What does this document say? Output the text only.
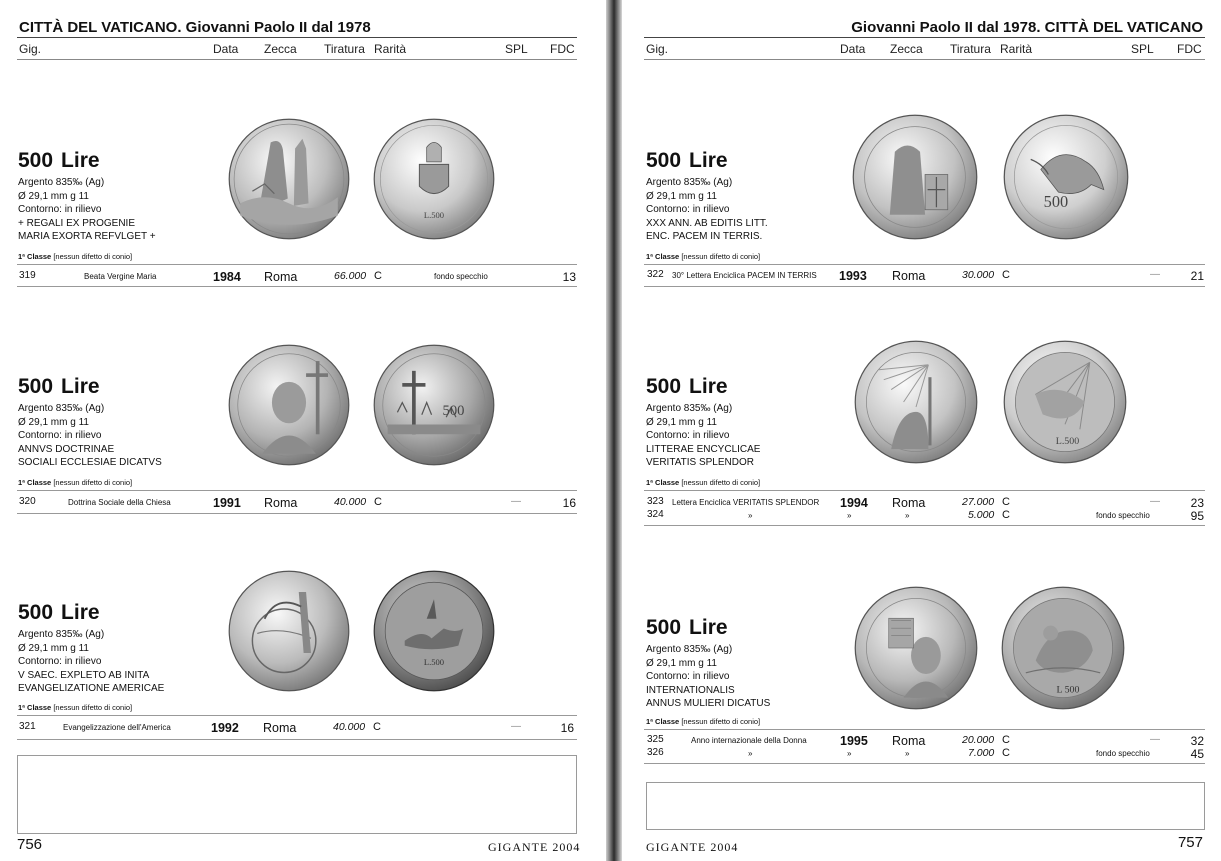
CITTÀ DEL VATICANO. Giovanni Paolo II dal 1978
Gig.	Data Zecca Tiratura Rarità	SPL FDC
500 Lire
Argento 835‰ (Ag)
Ø 29,1 mm g 11
Contorno: in rilievo
+ REGALI EX PROGENIE
MARIA EXORTA REFVLGET +
1ª Classe [nessun difetto di conio]
319	Beata Vergine Maria	1984 Roma	66.000 C	fondo specchio	13
L.500
500 Lire
Argento 835‰ (Ag)
Ø 29,1 mm g 11
Contorno: in rilievo
ANNVS DOCTRINAE
SOCIALI ECCLESIAE DICATVS
1ª Classe [nessun difetto di conio]
320	Dottrina Sociale della Chiesa	1991 Roma	40.000 C	—	16
500
500 Lire
Argento 835‰ (Ag)
Ø 29,1 mm g 11
Contorno: in rilievo
V SAEC. EXPLETO AB INITA
EVANGELIZATIONE AMERICAE
1ª Classe [nessun difetto di conio]
321	Evangelizzazione dell'America	1992 Roma	40.000 C	—	16
L.500
756	GIGANTE 2004
Giovanni Paolo II dal 1978. CITTÀ DEL VATICANO
Gig.	Data Zecca Tiratura Rarità	SPL FDC
500 Lire
Argento 835‰ (Ag)
Ø 29,1 mm g 11
Contorno: in rilievo
XXX ANN. AB EDITIS LITT.
ENC. PACEM IN TERRIS.
1ª Classe [nessun difetto di conio]
322 30° Lettera Enciclica PACEM IN TERRIS 1993 Roma	30.000 C	—	21
500
500 Lire
Argento 835‰ (Ag)
Ø 29,1 mm g 11
Contorno: in rilievo
LITTERAE ENCYCLICAE
VERITATIS SPLENDOR
1ª Classe [nessun difetto di conio]
323 Lettera Enciclica VERITATIS SPLENDOR 1994 Roma	27.000 C	—	23
324	»	»	»	5.000 C	fondo specchio	95
L.500
500 Lire
Argento 835‰ (Ag)
Ø 29,1 mm g 11
Contorno: in rilievo
INTERNATIONALIS
ANNUS MULIERI DICATUS
1ª Classe [nessun difetto di conio]
325	Anno internazionale della Donna	1995 Roma	20.000 C	—	32
326	»	»	»	7.000 C	fondo specchio	45
L 500
GIGANTE 2004	757
